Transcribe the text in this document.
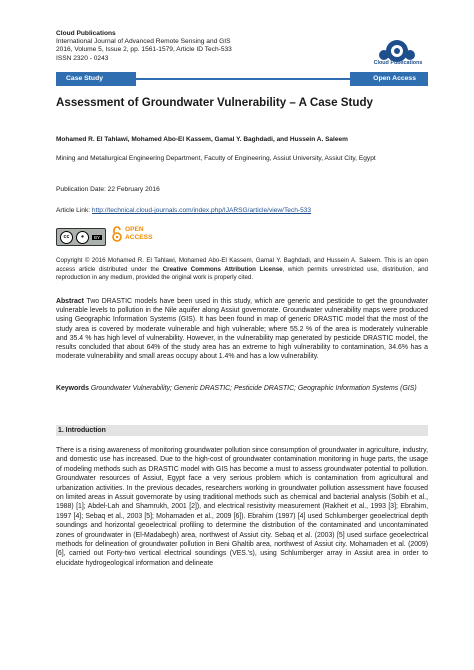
Cloud Publications
International Journal of Advanced Remote Sensing and GIS
2016, Volume 5, Issue 2, pp. 1561-1579, Article ID Tech-533
ISSN 2320 - 0243
Cloud Publications
Case Study	Open Access
Assessment of Groundwater Vulnerability – A Case Study
Mohamed R. El Tahlawi, Mohamed Abo-El Kassem, Gamal Y. Baghdadi, and Hussein A. Saleem
Mining and Metallurgical Engineering Department, Faculty of Engineering, Assiut University, Assiut City, Egypt
Publication Date: 22 February 2016
Article Link: http://technical.cloud-journals.com/index.php/IJARSG/article/view/Tech-533
cc	●	BY
OPEN
ACCESS
Copyright © 2016 Mohamed R. El Tahlawi, Mohamed Abo-El Kassem, Gamal Y. Baghdadi, and Hussein A. Saleem. This is an open access article distributed under the Creative Commons Attribution License, which permits unrestricted use, distribution, and reproduction in any medium, provided the original work is properly cited.
Abstract Two DRASTIC models have been used in this study, which are generic and pesticide to get the groundwater vulnerable levels to pollution in the Nile aquifer along Assiut governorate. Groundwater vulnerability maps were produced using Geographic Information Systems (GIS). It has been found in map of generic DRASTIC model that the most of the study area is covered by moderate vulnerable and high vulnerable; where 55.2 % of the area is moderately vulnerable and 35.4 % has high level of vulnerability. However, in the vulnerability map generated by pesticide DRASTIC model, the results concluded that about 64% of the study area has an extreme to high vulnerability to contamination, 34.6% has a moderate vulnerability and small areas occupy about 1.4% and has a low vulnerability.
Keywords Groundwater Vulnerability; Generic DRASTIC; Pesticide DRASTIC; Geographic Information Systems (GIS)
1. Introduction
There is a rising awareness of monitoring groundwater pollution since consumption of groundwater in agriculture, industry, and domestic use has increased. Due to the high-cost of groundwater contamination monitoring in huge parts, the usage of modeling methods such as DRASTIC model with GIS has become a must to assess groundwater potential to pollution. Groundwater resources of Assiut, Egypt face a very serious problem which is contamination from agricultural and urbanization activities. In the previous decades, researchers working in groundwater pollution assessment have focused on limited areas in Assuit governorate by using traditional methods such as chemical and bacterial analysis (Sobih et al., 1988) [1]; Abdel-Lah and Shamrukh, 2001 [2]), and electrical resistivity measurement (Rakheit et al., 1993 [3]; Ebrahim, 1997 [4]; Sebaq et al., 2003 [5]; Mohamaden et al., 2009 [6]). Ebrahim (1997) [4] used Schlumberger geoelectrical depth soundings and horizontal geoelectrical profiling to determine the distribution of the contaminated and uncontaminated zones of groundwater in (El-Madabegh) area, northwest of Assiut city. Sebaq et al. (2003) [5] used surface geoelectrical methods for delineation of groundwater pollution in Beni Ghaltib area, northwest of Assiut city. Mohamaden et al. (2009) [6], carried out Forty-two vertical electrical soundings (VES.'s), using Schlumberger array in Assiut area in order to elucidate hydrogeological information and delineate
